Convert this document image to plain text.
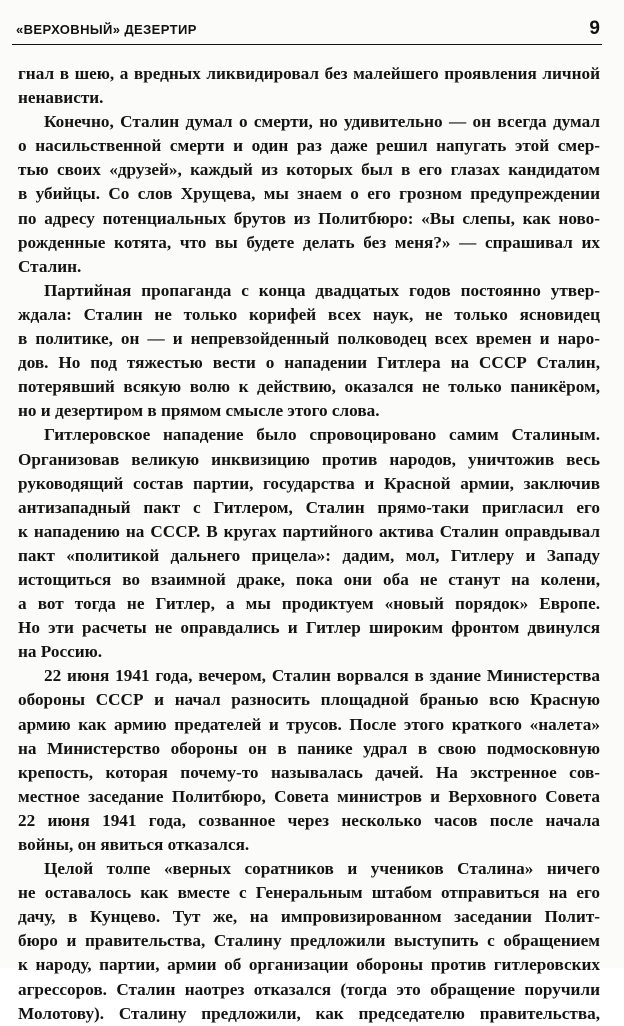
«ВЕРХОВНЫЙ» ДЕЗЕРТИР	9

гнал в шею, а вредных ликвидировал без малейшего проявления личной
ненависти.

Конечно, Сталин думал о смерти, но удивительно — он всегда думал
о насильственной смерти и один раз даже решил напугать этой смер-
тью своих «друзей», каждый из которых был в его глазах кандидатом
в убийцы. Со слов Хрущева, мы знаем о его грозном предупреждении
по адресу потенциальных брутов из Политбюро: «Вы слепы, как ново-
рожденные котята, что вы будете делать без меня?» — спрашивал их
Сталин.

Партийная пропаганда с конца двадцатых годов постоянно утвер-
ждала: Сталин не только корифей всех наук, не только ясновидец
в политике, он — и непревзойденный полководец всех времен и наро-
дов. Но под тяжестью вести о нападении Гитлера на СССР Сталин,
потерявший всякую волю к действию, оказался не только паникёром,
но и дезертиром в прямом смысле этого слова.

Гитлеровское нападение было спровоцировано самим Сталиным.
Организовав великую инквизицию против народов, уничтожив весь
руководящий состав партии, государства и Красной армии, заключив
антизападный пакт с Гитлером, Сталин прямо-таки пригласил его
к нападению на СССР. В кругах партийного актива Сталин оправдывал
пакт «политикой дальнего прицела»: дадим, мол, Гитлеру и Западу
истощиться во взаимной драке, пока они оба не станут на колени,
а вот тогда не Гитлер, а мы продиктуем «новый порядок» Европе.
Но эти расчеты не оправдались и Гитлер широким фронтом двинулся
на Россию.

22 июня 1941 года, вечером, Сталин ворвался в здание Министерства
обороны СССР и начал разносить площадной бранью всю Красную
армию как армию предателей и трусов. После этого краткого «налета»
на Министерство обороны он в панике удрал в свою подмосковную
крепость, которая почему-то называлась дачей. На экстренное сов-
местное заседание Политбюро, Совета министров и Верховного Совета
22 июня 1941 года, созванное через несколько часов после начала
войны, он явиться отказался.

Целой толпе «верных соратников и учеников Сталина» ничего
не оставалось как вместе с Генеральным штабом отправиться на его
дачу, в Кунцево. Тут же, на импровизированном заседании Полит-
бюро и правительства, Сталину предложили выступить с обращением
к народу, партии, армии об организации обороны против гитлеровских
агрессоров. Сталин наотрез отказался (тогда это обращение поручили
Молотову). Сталину предложили, как председателю правительства,
